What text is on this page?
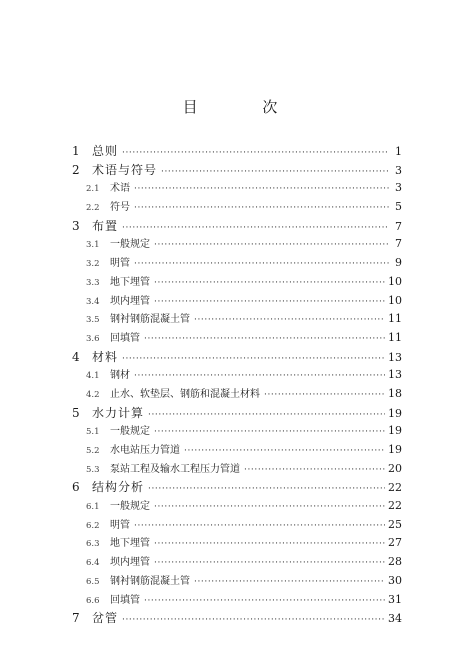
目 次
1	总则 ·····	1
2	术语与符号 ·····	3
2.1	术语 ·····	3
2.2	符号 ·····	5
3	布置 ·····	7
3.1	一般规定 ·····	7
3.2	明管 ·····	9
3.3	地下埋管 ·····	10
3.4	坝内埋管 ·····	10
3.5	钢衬钢筋混凝土管 ·····	11
3.6	回填管 ·····	11
4	材料 ·····	13
4.1	钢材 ·····	13
4.2	止水、软垫层、钢筋和混凝土材料 ·····	18
5	水力计算 ·····	19
5.1	一般规定 ·····	19
5.2	水电站压力管道 ·····	19
5.3	泵站工程及输水工程压力管道 ·····	20
6	结构分析 ·····	22
6.1	一般规定 ·····	22
6.2	明管 ·····	25
6.3	地下埋管 ·····	27
6.4	坝内埋管 ·····	28
6.5	钢衬钢筋混凝土管 ·····	30
6.6	回填管 ·····	31
7	岔管 ·····	34
